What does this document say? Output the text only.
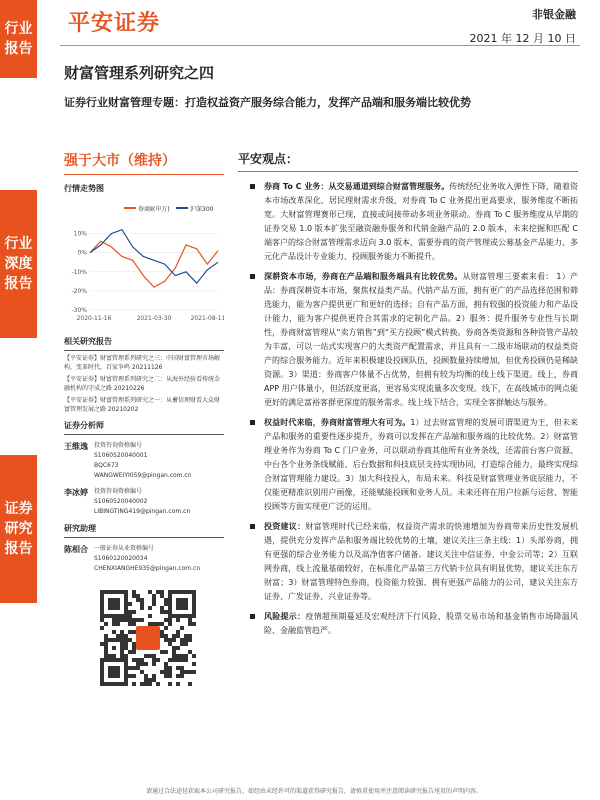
行业
报告
行业
深度
报告
证券
研究
报告
平安证券	非银金融
2021 年 12 月 10 日
财富管理系列研究之四
证券行业财富管理专题：打造权益资产服务综合能力，发挥产品端和服务端比较优势
强于大市（维持）
行情走势图
券商Ⅱ(申万)	沪深300
10%
0%
-10%
-20%
-30%
2020-11-16	2021-03-30	2021-08-11
相关研究报告
【平安证券】财富管理系列研究之三：中国财富管理市场解构，变革时代，百家争鸣 20211126
【平安证券】财富管理系列研究之二：从海外经验看传统金融机构的守成之路 20210226
【平安证券】财富管理系列研究之一：从蓄信理财看大众财富管理发展之路 20210202
证券分析师
王维逸	投资咨询资格编号
S1060520040001
BQC673
WANGWEIYI059@pingan.com.cn
李冰婷	投资咨询资格编号
S1060520040002
LIBINGTING419@pingan.com.cn
研究助理
陈相合	一般证券从业资格编号
S1060120020034
CHENXIANGHE935@pingan.com.cn
平安观点：
券商 To C 业务：从交易通道到综合财富管理服务。传统经纪业务收入弹性下降，随着资本市场改革深化、居民理财需求升级，对券商 To C 业务提出更高要求，服务维度不断拓宽。大财富管理赛形已现，直接或间接带动多项业务联动。券商 To C 服务维度从早期的证券交易 1.0 版本扩张至融资融券服务和代销金融产品的 2.0 版本，未来挖掘和匹配 C 端客户的综合财富管理需求迈向 3.0 版本，需要券商的资产管理或公募基金产品能力、多元化产品设计专业能力、投顾服务能力不断提升。
深耕资本市场，券商在产品端和服务端具有比较优势。从财富管理三要素来看： 1）产品：券商深耕资本市场，聚焦权益类产品。代销产品方面，拥有更广的产品选择范围和筛选能力，能为客户提供更广和更好的选择；自有产品方面，拥有较强的投资能力和产品设计能力，能为客户提供更符合其需求的定制化产品。2）服务：提升服务专业性与长期性，券商财富管理从“卖方销售”到“买方投顾”模式转换。券商各类资源和各种资管产品较为丰富，可以一站式实现客户的大类资产配置需求，并且具有一二级市场联动的权益类资产的综合服务能力。近年来积极建设投顾队伍，投顾数量持续增加，但优秀投顾仍是稀缺资源。3）渠道：券商客户体量不占优势，但拥有较为均衡的线上线下渠道。线上，券商 APP 用户体量小，但活跃度更高，更容易实现流量多次变现。线下，在高线城市的网点能更好的满足富裕客群更深度的服务需求。线上线下结合，实现全客群触达与服务。
权益时代来临，券商财富管理大有可为。1）过去财富管理的发展可谓渠道为王，但未来产品和服务的重要性逐步提升，券商可以发挥在产品端和服务端的比较优势。2）财富管理业务作为券商 To C 门户业务，可以联动券商其他所有业务条线，还需前台客户资源、中台各个业务条线赋能、后台数据和科技底层支持实现协同，打造综合能力，最终实现综合财富管理能力建设。3）加大科技投入，布局未来。科技是财富管理业务底层能力，不仅能更精准识别用户画像，还能赋能投顾和业务人员。未来还将在用户拉新与运营、智能投顾等方面实现更广泛的运用。
投资建议：财富管理时代已经来临，权益资产需求的快速增加为券商带来历史性发展机遇，提供充分发挥产品和服务端比较优势的土壤，建议关注三条主线：1）头部券商，拥有更强的综合业务能力以及高净值客户储备。建议关注中信证券、中金公司等；2）互联网券商，线上流量基础较好，在标准化产品第三方代销卡位具有明显优势，建议关注东方财富；3）财富管理特色券商，投资能力较强、拥有更强产品能力的公司，建议关注东方证券、广发证券、兴业证券等。
风险提示：疫情超预期蔓延及宏观经济下行风险、股票交易市场和基金销售市场降温风险、金融监管趋严。
请通过合法途径获取本公司研究报告，如经由未经许可的渠道获得研究报告，请慎重使用并注意阅读研究报告尾页的声明内容。
